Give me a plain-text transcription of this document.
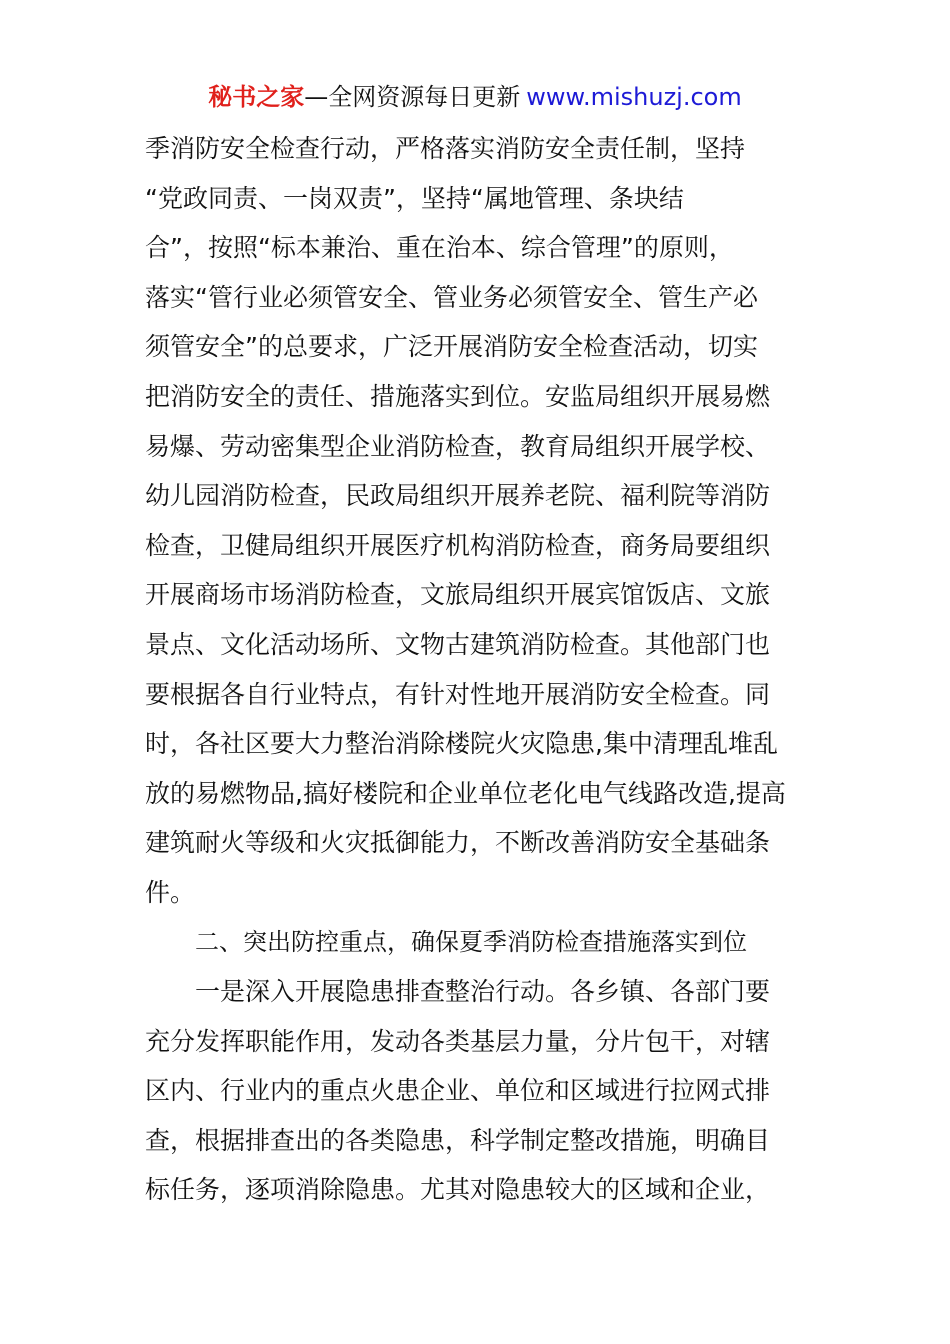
秘书之家—全网资源每日更新 www.mishuzj.com
季消防安全检查行动，严格落实消防安全责任制，坚持
“党政同责、一岗双责”，坚持“属地管理、条块结
合”，按照“标本兼治、重在治本、综合管理”的原则，
落实“管行业必须管安全、管业务必须管安全、管生产必
须管安全”的总要求，广泛开展消防安全检查活动，切实
把消防安全的责任、措施落实到位。安监局组织开展易燃
易爆、劳动密集型企业消防检查，教育局组织开展学校、
幼儿园消防检查，民政局组织开展养老院、福利院等消防
检查，卫健局组织开展医疗机构消防检查，商务局要组织
开展商场市场消防检查，文旅局组织开展宾馆饭店、文旅
景点、文化活动场所、文物古建筑消防检查。其他部门也
要根据各自行业特点，有针对性地开展消防安全检查。同
时，各社区要大力整治消除楼院火灾隐患,集中清理乱堆乱
放的易燃物品,搞好楼院和企业单位老化电气线路改造,提高
建筑耐火等级和火灾抵御能力，不断改善消防安全基础条
件。
二、突出防控重点，确保夏季消防检查措施落实到位
一是深入开展隐患排查整治行动。各乡镇、各部门要
充分发挥职能作用，发动各类基层力量，分片包干，对辖
区内、行业内的重点火患企业、单位和区域进行拉网式排
查，根据排查出的各类隐患，科学制定整改措施，明确目
标任务，逐项消除隐患。尤其对隐患较大的区域和企业，
